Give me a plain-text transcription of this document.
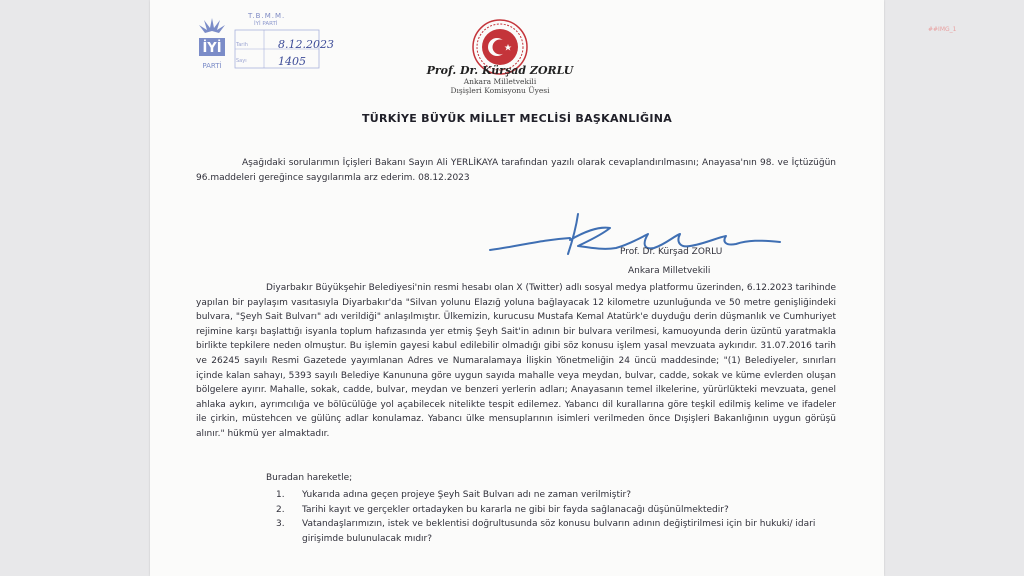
İYİ
PARTİ
T.B.M.M.
İYİ PARTİ
Tarih	8.12.2023
Sayı	1405
##IMG_1
Prof. Dr. Kürşad ZORLU
Ankara Milletvekili
Dışişleri Komisyonu Üyesi
TÜRKİYE BÜYÜK MİLLET MECLİSİ BAŞKANLIĞINA
Aşağıdaki sorularımın İçişleri Bakanı Sayın Ali YERLİKAYA tarafından yazılı olarak cevaplandırılmasını; Anayasa'nın 98. ve İçtüzüğün 96.maddeleri gereğince saygılarımla arz ederim. 08.12.2023
Prof. Dr. Kürşad ZORLU
Ankara Milletvekili
Diyarbakır Büyükşehir Belediyesi'nin resmi hesabı olan X (Twitter) adlı sosyal medya platformu üzerinden, 6.12.2023 tarihinde yapılan bir paylaşım vasıtasıyla Diyarbakır'da "Silvan yolunu Elazığ yoluna bağlayacak 12 kilometre uzunluğunda ve 50 metre genişliğindeki bulvara, "Şeyh Sait Bulvarı" adı verildiği" anlaşılmıştır. Ülkemizin, kurucusu Mustafa Kemal Atatürk'e duyduğu derin düşmanlık ve Cumhuriyet rejimine karşı başlattığı isyanla toplum hafızasında yer etmiş Şeyh Sait'in adının bir bulvara verilmesi, kamuoyunda derin üzüntü yaratmakla birlikte tepkilere neden olmuştur. Bu işlemin gayesi kabul edilebilir olmadığı gibi söz konusu işlem yasal mevzuata aykırıdır. 31.07.2016 tarih ve 26245 sayılı Resmi Gazetede yayımlanan Adres ve Numaralamaya İlişkin Yönetmeliğin 24 üncü maddesinde; "(1) Belediyeler, sınırları içinde kalan sahayı, 5393 sayılı Belediye Kanununa göre uygun sayıda mahalle veya meydan, bulvar, cadde, sokak ve küme evlerden oluşan bölgelere ayırır. Mahalle, sokak, cadde, bulvar, meydan ve benzeri yerlerin adları; Anayasanın temel ilkelerine, yürürlükteki mevzuata, genel ahlaka aykırı, ayrımcılığa ve bölücülüğe yol açabilecek nitelikte tespit edilemez. Yabancı dil kurallarına göre teşkil edilmiş kelime ve ifadeler ile çirkin, müstehcen ve gülünç adlar konulamaz. Yabancı ülke mensuplarının isimleri verilmeden önce Dışişleri Bakanlığının uygun görüşü alınır." hükmü yer almaktadır.
Buradan hareketle;
1. Yukarıda adına geçen projeye Şeyh Sait Bulvarı adı ne zaman verilmiştir?
2. Tarihi kayıt ve gerçekler ortadayken bu kararla ne gibi bir fayda sağlanacağı düşünülmektedir?
3. Vatandaşlarımızın, istek ve beklentisi doğrultusunda söz konusu bulvarın adının değiştirilmesi için bir hukuki/ idari girişimde bulunulacak mıdır?
